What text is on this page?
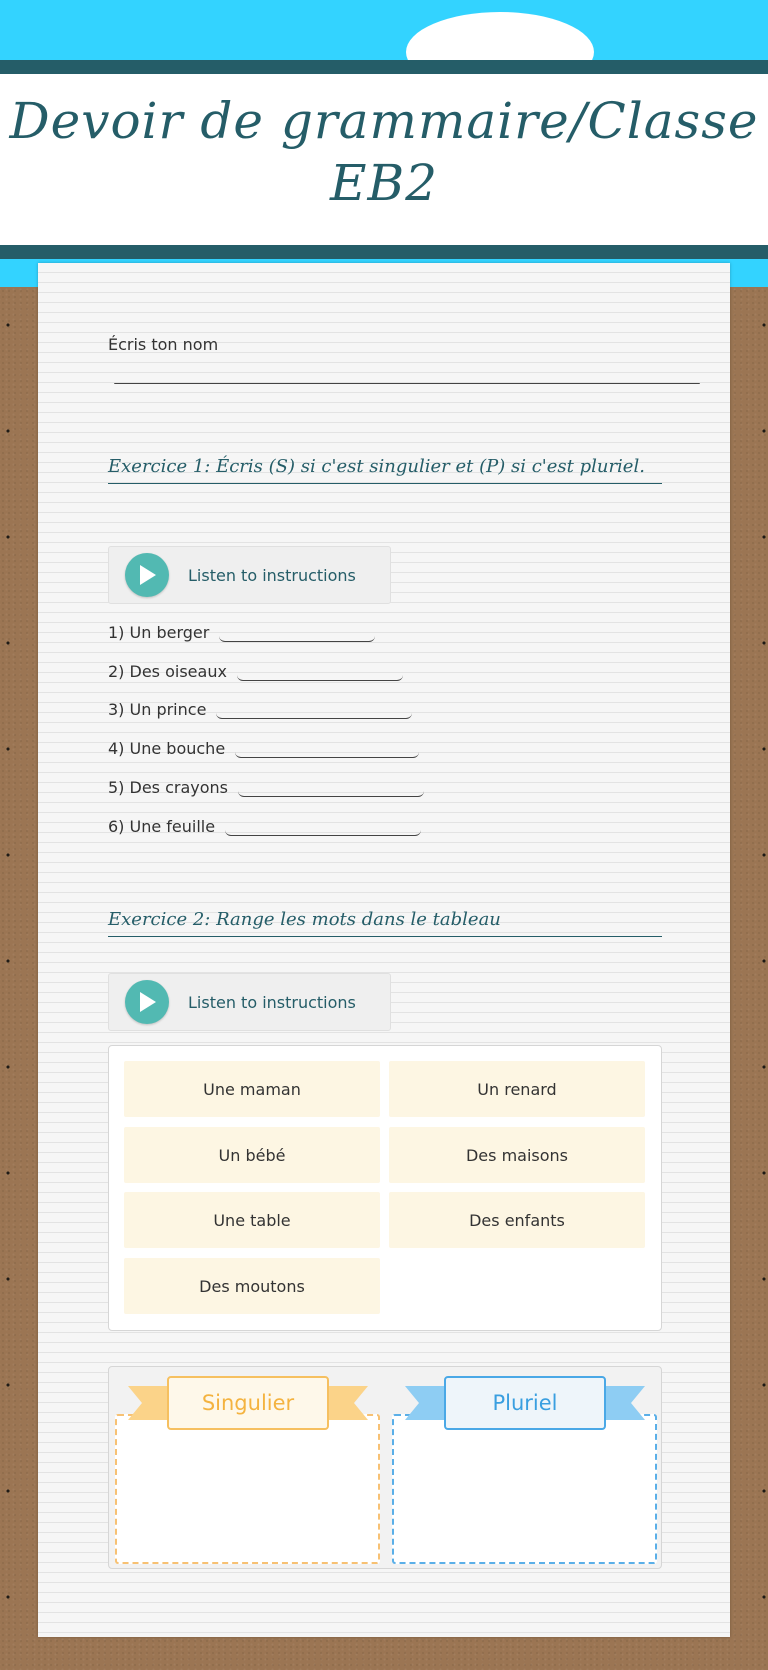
Devoir de grammaire/Classe EB2
Écris ton nom
Exercice 1: Écris (S) si c'est singulier et (P) si c'est pluriel.
Listen to instructions
1) Un berger
2) Des oiseaux
3) Un prince
4) Une bouche
5) Des crayons
6) Une feuille
Exercice 2: Range les mots dans le tableau
Listen to instructions
Une maman	Un renard
Un bébé	Des maisons
Une table	Des enfants
Des moutons
Singulier	Pluriel
